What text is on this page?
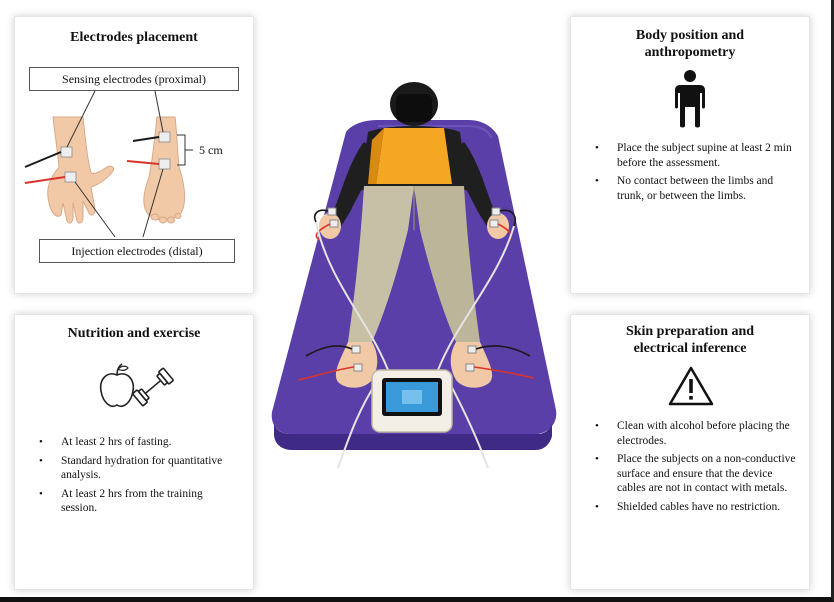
Electrodes placement
Sensing electrodes (proximal)
5 cm
Injection electrodes (distal)
Nutrition and exercise
• At least 2 hrs of fasting.
• Standard hydration for quantitative analysis.
• At least 2 hrs from the training session.
Body position and
anthropometry
• Place the subject supine at least 2 min before the assessment.
• No contact between the limbs and trunk, or between the limbs.
Skin preparation and
electrical inference
• Clean with alcohol before placing the electrodes.
• Place the subjects on a non-conductive surface and ensure that the device cables are not in contact with metals.
• Shielded cables have no restriction.
